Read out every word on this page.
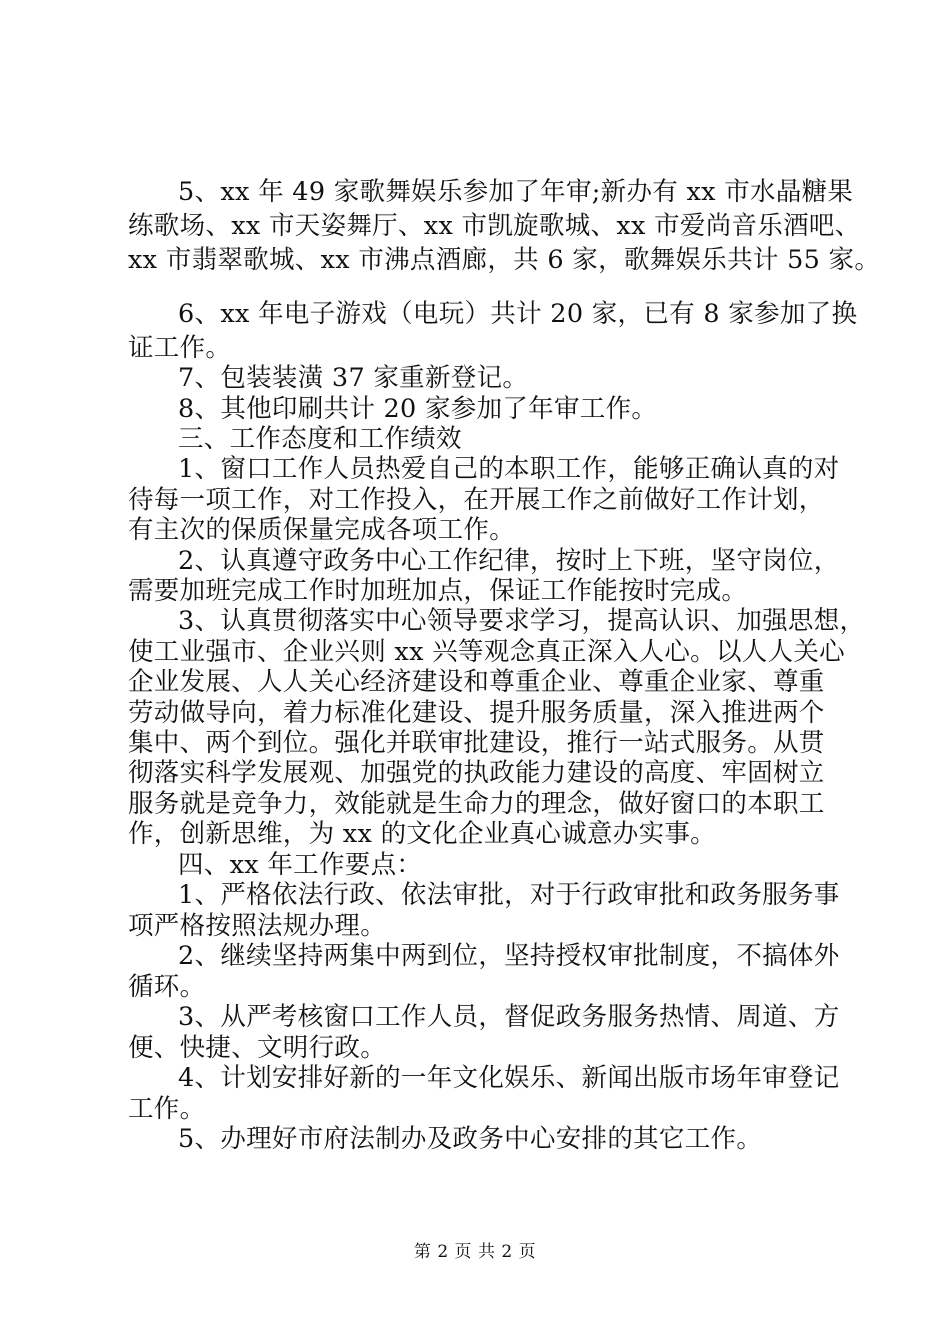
5、xx 年 49 家歌舞娱乐参加了年审;新办有 xx 市水晶糖果
练歌场、xx 市天姿舞厅、xx 市凯旋歌城、xx 市爱尚音乐酒吧、
xx 市翡翠歌城、xx 市沸点酒廊，共 6 家，歌舞娱乐共计 55 家。
6、xx 年电子游戏（电玩）共计 20 家，已有 8 家参加了换
证工作。
7、包装装潢 37 家重新登记。
8、其他印刷共计 20 家参加了年审工作。
三、工作态度和工作绩效
1、窗口工作人员热爱自己的本职工作，能够正确认真的对
待每一项工作，对工作投入，在开展工作之前做好工作计划，
有主次的保质保量完成各项工作。
2、认真遵守政务中心工作纪律，按时上下班，坚守岗位，
需要加班完成工作时加班加点，保证工作能按时完成。
3、认真贯彻落实中心领导要求学习，提高认识、加强思想，
使工业强市、企业兴则 xx 兴等观念真正深入人心。以人人关心
企业发展、人人关心经济建设和尊重企业、尊重企业家、尊重
劳动做导向，着力标准化建设、提升服务质量，深入推进两个
集中、两个到位。强化并联审批建设，推行一站式服务。从贯
彻落实科学发展观、加强党的执政能力建设的高度、牢固树立
服务就是竞争力，效能就是生命力的理念，做好窗口的本职工
作，创新思维，为 xx 的文化企业真心诚意办实事。
四、xx 年工作要点：
1、严格依法行政、依法审批，对于行政审批和政务服务事
项严格按照法规办理。
2、继续坚持两集中两到位，坚持授权审批制度，不搞体外
循环。
3、从严考核窗口工作人员，督促政务服务热情、周道、方
便、快捷、文明行政。
4、计划安排好新的一年文化娱乐、新闻出版市场年审登记
工作。
5、办理好市府法制办及政务中心安排的其它工作。
第 2 页 共 2 页
